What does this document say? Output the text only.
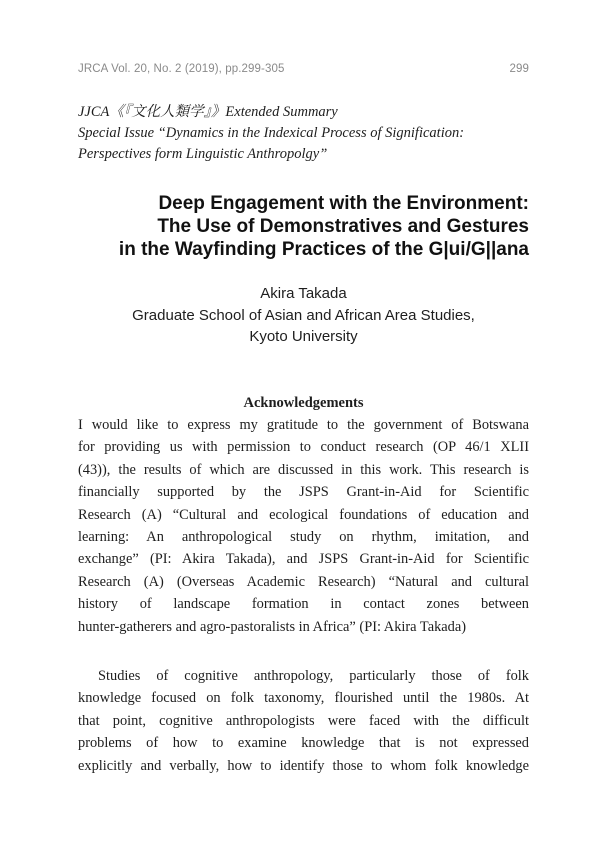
JRCA Vol. 20, No. 2 (2019), pp.299-305	299
JJCA《『文化人類学』》Extended Summary
Special Issue “Dynamics in the Indexical Process of Signification:
Perspectives form Linguistic Anthropolgy”
Deep Engagement with the Environment:
The Use of Demonstratives and Gestures
in the Wayfinding Practices of the G|ui/G||ana
Akira Takada
Graduate School of Asian and African Area Studies,
Kyoto University
Acknowledgements
I would like to express my gratitude to the government of Botswana
for providing us with permission to conduct research (OP 46/1 XLII
(43)), the results of which are discussed in this work. This research is
financially supported by the JSPS Grant-in-Aid for Scientific
Research (A) “Cultural and ecological foundations of education and
learning: An anthropological study on rhythm, imitation, and
exchange” (PI: Akira Takada), and JSPS Grant-in-Aid for Scientific
Research (A) (Overseas Academic Research) “Natural and cultural
history of landscape formation in contact zones between
hunter-gatherers and agro-pastoralists in Africa” (PI: Akira Takada)
Studies of cognitive anthropology, particularly those of folk
knowledge focused on folk taxonomy, flourished until the 1980s. At
that point, cognitive anthropologists were faced with the difficult
problems of how to examine knowledge that is not expressed
explicitly and verbally, how to identify those to whom folk knowledge
